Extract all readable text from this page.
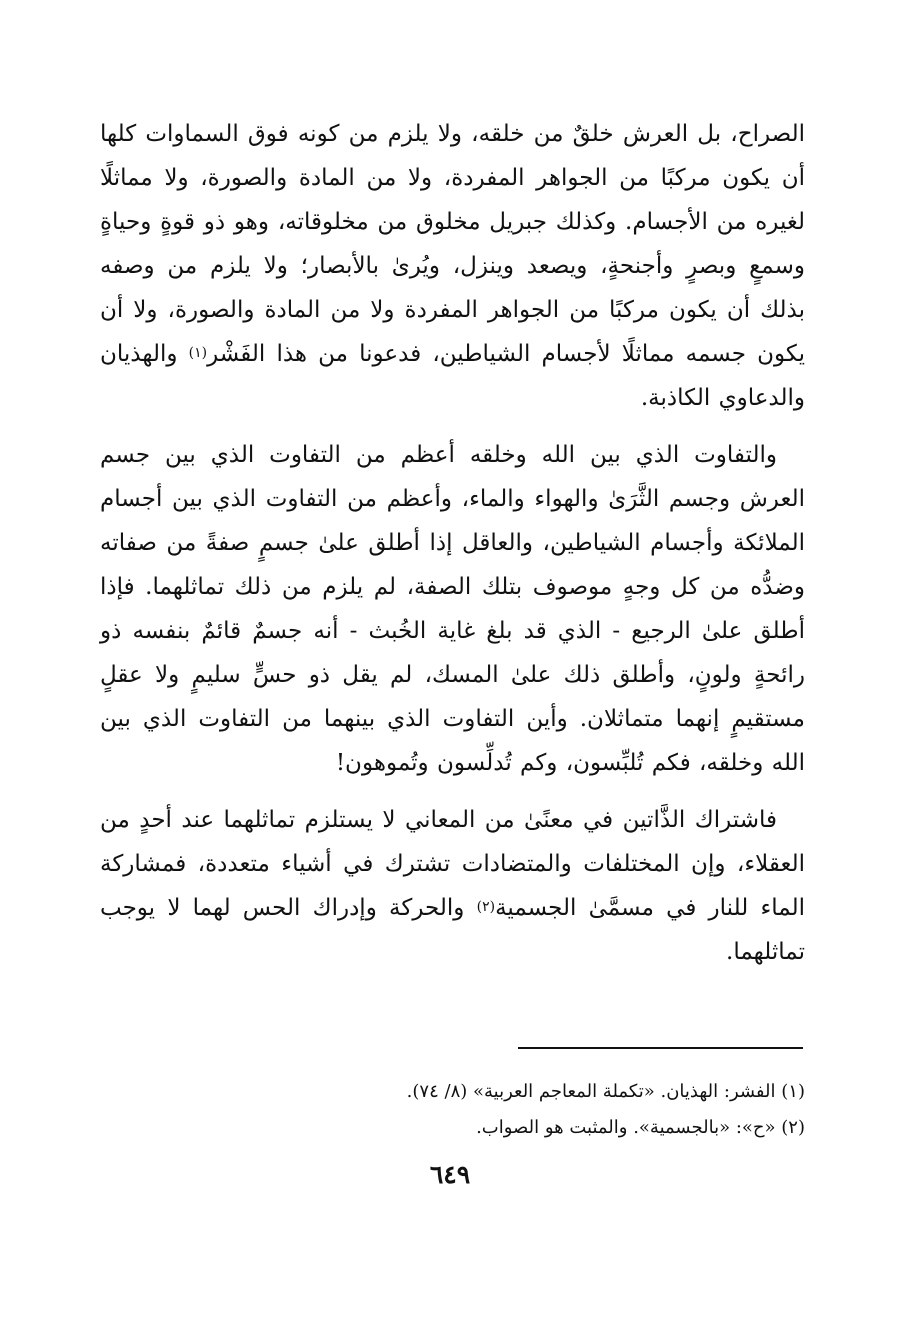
الصراح، بل العرش خلقٌ من خلقه، ولا يلزم من كونه فوق السماوات كلها أن يكون مركبًا من الجواهر المفردة، ولا من المادة والصورة، ولا مماثلًا لغيره من الأجسام. وكذلك جبريل مخلوق من مخلوقاته، وهو ذو قوةٍ وحياةٍ وسمعٍ وبصرٍ وأجنحةٍ، ويصعد وينزل، ويُرىٰ بالأبصار؛ ولا يلزم من وصفه بذلك أن يكون مركبًا من الجواهر المفردة ولا من المادة والصورة، ولا أن يكون جسمه مماثلًا لأجسام الشياطين، فدعونا من هذا الفَشْر$^{(١)}$ والهذيان والدعاوي الكاذبة.

والتفاوت الذي بين الله وخلقه أعظم من التفاوت الذي بين جسم العرش وجسم الثَّرَىٰ والهواء والماء، وأعظم من التفاوت الذي بين أجسام الملائكة وأجسام الشياطين، والعاقل إذا أطلق علىٰ جسمٍ صفةً من صفاته وضدُّه من كل وجهٍ موصوف بتلك الصفة، لم يلزم من ذلك تماثلهما. فإذا أطلق علىٰ الرجيع - الذي قد بلغ غاية الخُبث - أنه جسمٌ قائمٌ بنفسه ذو رائحةٍ ولونٍ، وأطلق ذلك علىٰ المسك، لم يقل ذو حسٍّ سليمٍ ولا عقلٍ مستقيمٍ إنهما متماثلان. وأين التفاوت الذي بينهما من التفاوت الذي بين الله وخلقه، فكم تُلبِّسون، وكم تُدلِّسون وتُموهون!

فاشتراك الذَّاتين في معنًىٰ من المعاني لا يستلزم تماثلهما عند أحدٍ من العقلاء، وإن المختلفات والمتضادات تشترك في أشياء متعددة، فمشاركة الماء للنار في مسمَّىٰ الجسمية$^{(٢)}$ والحركة وإدراك الحس لهما لا يوجب تماثلهما.

(١) الفشر: الهذيان. «تكملة المعاجم العربية» (٨/ ٧٤).

(٢) «ح»: «بالجسمية». والمثبت هو الصواب.

٦٤٩
